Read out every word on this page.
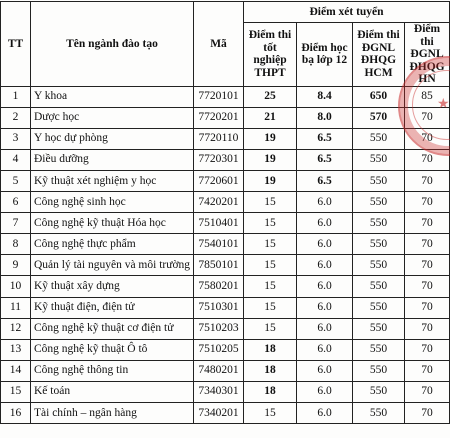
TT	Tên ngành đào tạo	Mã	Điểm xét tuyển			
			Điểm thi tốt nghiệp THPT	Điểm học bạ lớp 12	Điểm thi ĐGNL ĐHQG HCM	Điểm thi ĐGNL ĐHQG HN
1	Y khoa	7720101	25	8.4	650	85
2	Dược học	7720201	21	8.0	570	70
3	Y học dự phòng	7720110	19	6.5	550	70
4	Điều dưỡng	7720301	19	6.5	550	70
5	Kỹ thuật xét nghiệm y học	7720601	19	6.5	550	70
6	Công nghệ sinh học	7420201	15	6.0	550	70
7	Công nghệ kỹ thuật Hóa học	7510401	15	6.0	550	70
8	Công nghệ thực phẩm	7540101	15	6.0	550	70
9	Quản lý tài nguyên và môi trường	7850101	15	6.0	550	70
10	Kỹ thuật xây dựng	7580201	15	6.0	550	70
11	Kỹ thuật điện, điện tử	7510301	15	6.0	550	70
12	Công nghệ kỹ thuật cơ điện tử	7510203	15	6.0	550	70
13	Công nghệ kỹ thuật Ô tô	7510205	18	6.0	550	70
14	Công nghệ thông tin	7480201	18	6.0	550	70
15	Kế toán	7340301	18	6.0	550	70
16	Tài chính – ngân hàng	7340201	15	6.0	550	70
★
